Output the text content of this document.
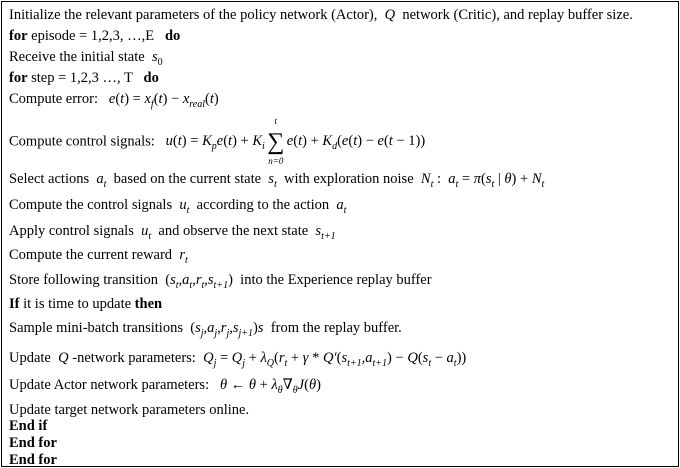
Initialize the relevant parameters of the policy network (Actor),  Q  network (Critic), and replay buffer size.
for episode = 1,2,3, …,E do
Receive the initial state  $s_0$
for step = 1,2,3 …, T do
Compute error:   $e(t) = x_f(t) - x_{real}(t)$
Compute control signals:   $u(t) = K_pe(t) + K_i$
t
∑
n=0
$e(t) + K_d(e(t) - e(t - 1))$
Select actions  $a_t$  based on the current state  $s_t$  with exploration noise  $N_t$ :  $a_t = \pi(s_t$ | $\theta) + N_t$
Compute the control signals  $u_t$  according to the action  $a_t$
Apply control signals  $u_t$  and observe the next state  $s_{t+1}$
Compute the current reward  $r_t$
Store following transition  $(s_t,a_t,r_t,s_{t+1})$  into the Experience replay buffer
If it is time to update then
Sample mini-batch transitions  $(s_j,a_j,r_j,s_{j+1})s$  from the replay buffer.
Update  Q -network parameters:  $Q_j = Q_j + \lambda_Q(r_t + \gamma * Q'(s_{t+1},a_{t+1}) - Q(s_t - a_t))$
Update Actor network parameters:   θ ← $\theta + \lambda_\theta\nabla_\theta J(\theta)$
Update target network parameters online.
End if
End for
End for
